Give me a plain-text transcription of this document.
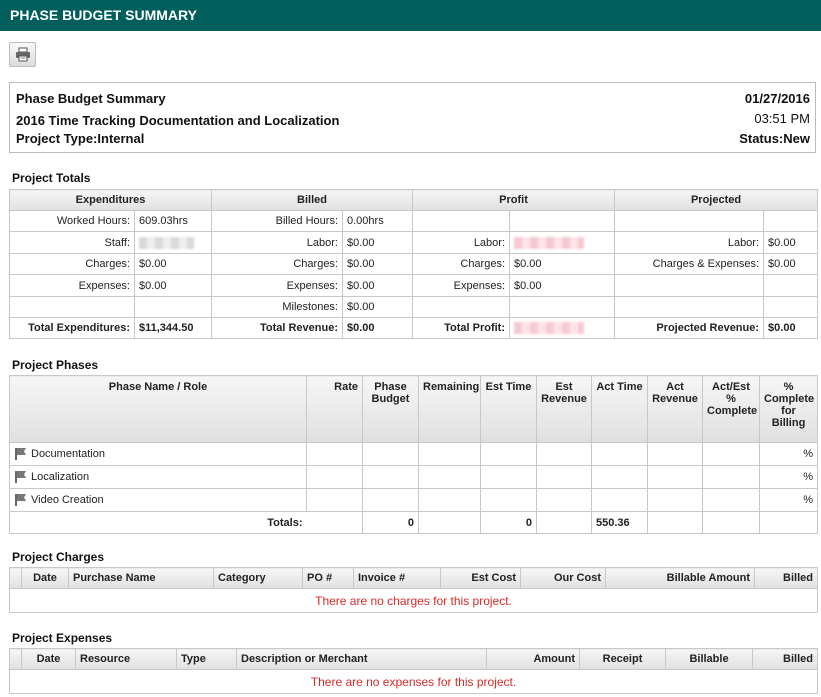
PHASE BUDGET SUMMARY
Phase Budget Summary
2016 Time Tracking Documentation and Localization
Project Type:Internal
01/27/2016
03:51 PM
Status:New
Project Totals
Expenditures		Billed		Profit		Projected	
Worked Hours:	609.03hrs	Billed Hours:	0.00hrs				
Staff:		Labor:	$0.00	Labor:		Labor:	$0.00
Charges:	$0.00	Charges:	$0.00	Charges:	$0.00	Charges & Expenses:	$0.00
Expenses:	$0.00	Expenses:	$0.00	Expenses:	$0.00		
		Milestones:	$0.00				
Total Expenditures:	$11,344.50	Total Revenue:	$0.00	Total Profit:		Projected Revenue:	$0.00
Project Phases
Phase Name / Role	Rate	Phase Budget	Remaining	Est Time	Est Revenue	Act Time	Act Revenue	Act/Est % Complete	% Complete for Billing
Documentation									%
Localization									%
Video Creation									%
Totals:		0		0		550.36			
Project Charges
	Date	Purchase Name	Category	PO #	Invoice #	Est Cost	Our Cost	Billable Amount	Billed
There are no charges for this project.
Project Expenses
	Date	Resource	Type	Description or Merchant	Amount	Receipt	Billable	Billed
There are no expenses for this project.
